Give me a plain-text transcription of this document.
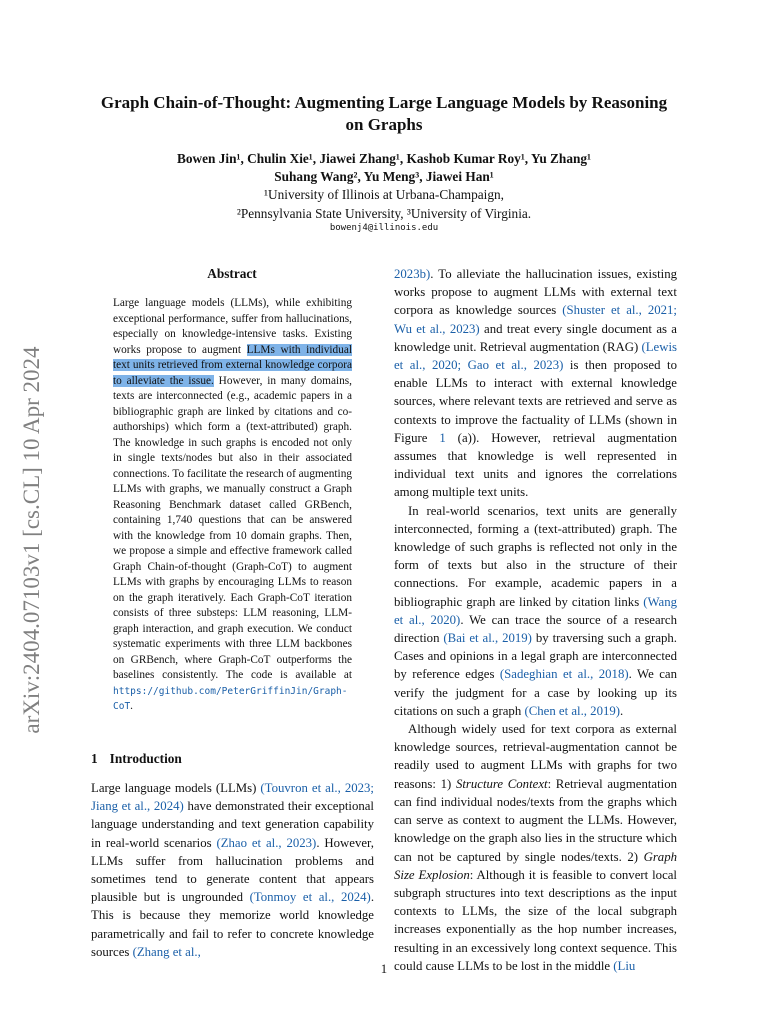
arXiv:2404.07103v1 [cs.CL] 10 Apr 2024
Graph Chain-of-Thought: Augmenting Large Language Models by Reasoning on Graphs
Bowen Jin¹, Chulin Xie¹, Jiawei Zhang¹, Kashob Kumar Roy¹, Yu Zhang¹
Suhang Wang², Yu Meng³, Jiawei Han¹
¹University of Illinois at Urbana-Champaign,
²Pennsylvania State University, ³University of Virginia.
bowenj4@illinois.edu
Abstract
Large language models (LLMs), while exhibiting exceptional performance, suffer from hallucinations, especially on knowledge-intensive tasks. Existing works propose to augment LLMs with individual text units retrieved from external knowledge corpora to alleviate the issue. However, in many domains, texts are interconnected (e.g., academic papers in a bibliographic graph are linked by citations and co-authorships) which form a (text-attributed) graph. The knowledge in such graphs is encoded not only in single texts/nodes but also in their associated connections. To facilitate the research of augmenting LLMs with graphs, we manually construct a Graph Reasoning Benchmark dataset called GRBench, containing 1,740 questions that can be answered with the knowledge from 10 domain graphs. Then, we propose a simple and effective framework called Graph Chain-of-thought (Graph-CoT) to augment LLMs with graphs by encouraging LLMs to reason on the graph iteratively. Each Graph-CoT iteration consists of three substeps: LLM reasoning, LLM-graph interaction, and graph execution. We conduct systematic experiments with three LLM backbones on GRBench, where Graph-CoT outperforms the baselines consistently. The code is available at https://github.com/PeterGriffinJin/Graph-CoT.
1 Introduction

Large language models (LLMs) (Touvron et al., 2023; Jiang et al., 2024) have demonstrated their exceptional language understanding and text generation capability in real-world scenarios (Zhao et al., 2023). However, LLMs suffer from hallucination problems and sometimes tend to generate content that appears plausible but is ungrounded (Tonmoy et al., 2024). This is because they memorize world knowledge parametrically and fail to refer to concrete knowledge sources (Zhang et al.,

2023b). To alleviate the hallucination issues, existing works propose to augment LLMs with external text corpora as knowledge sources (Shuster et al., 2021; Wu et al., 2023) and treat every single document as a knowledge unit. Retrieval augmentation (RAG) (Lewis et al., 2020; Gao et al., 2023) is then proposed to enable LLMs to interact with external knowledge sources, where relevant texts are retrieved and serve as contexts to improve the factuality of LLMs (shown in Figure 1 (a)). However, retrieval augmentation assumes that knowledge is well represented in individual text units and ignores the correlations among multiple text units.

In real-world scenarios, text units are generally interconnected, forming a (text-attributed) graph. The knowledge of such graphs is reflected not only in the form of texts but also in the structure of their connections. For example, academic papers in a bibliographic graph are linked by citation links (Wang et al., 2020). We can trace the source of a research direction (Bai et al., 2019) by traversing such a graph. Cases and opinions in a legal graph are interconnected by reference edges (Sadeghian et al., 2018). We can verify the judgment for a case by looking up its citations on such a graph (Chen et al., 2019).

Although widely used for text corpora as external knowledge sources, retrieval-augmentation cannot be readily used to augment LLMs with graphs for two reasons: 1) Structure Context: Retrieval augmentation can find individual nodes/texts from the graphs which can serve as context to augment the LLMs. However, knowledge on the graph also lies in the structure which can not be captured by single nodes/texts. 2) Graph Size Explosion: Although it is feasible to convert local subgraph structures into text descriptions as the input contexts to LLMs, the size of the local subgraph increases exponentially as the hop number increases, resulting in an excessively long context sequence. This could cause LLMs to be lost in the middle (Liu

1
